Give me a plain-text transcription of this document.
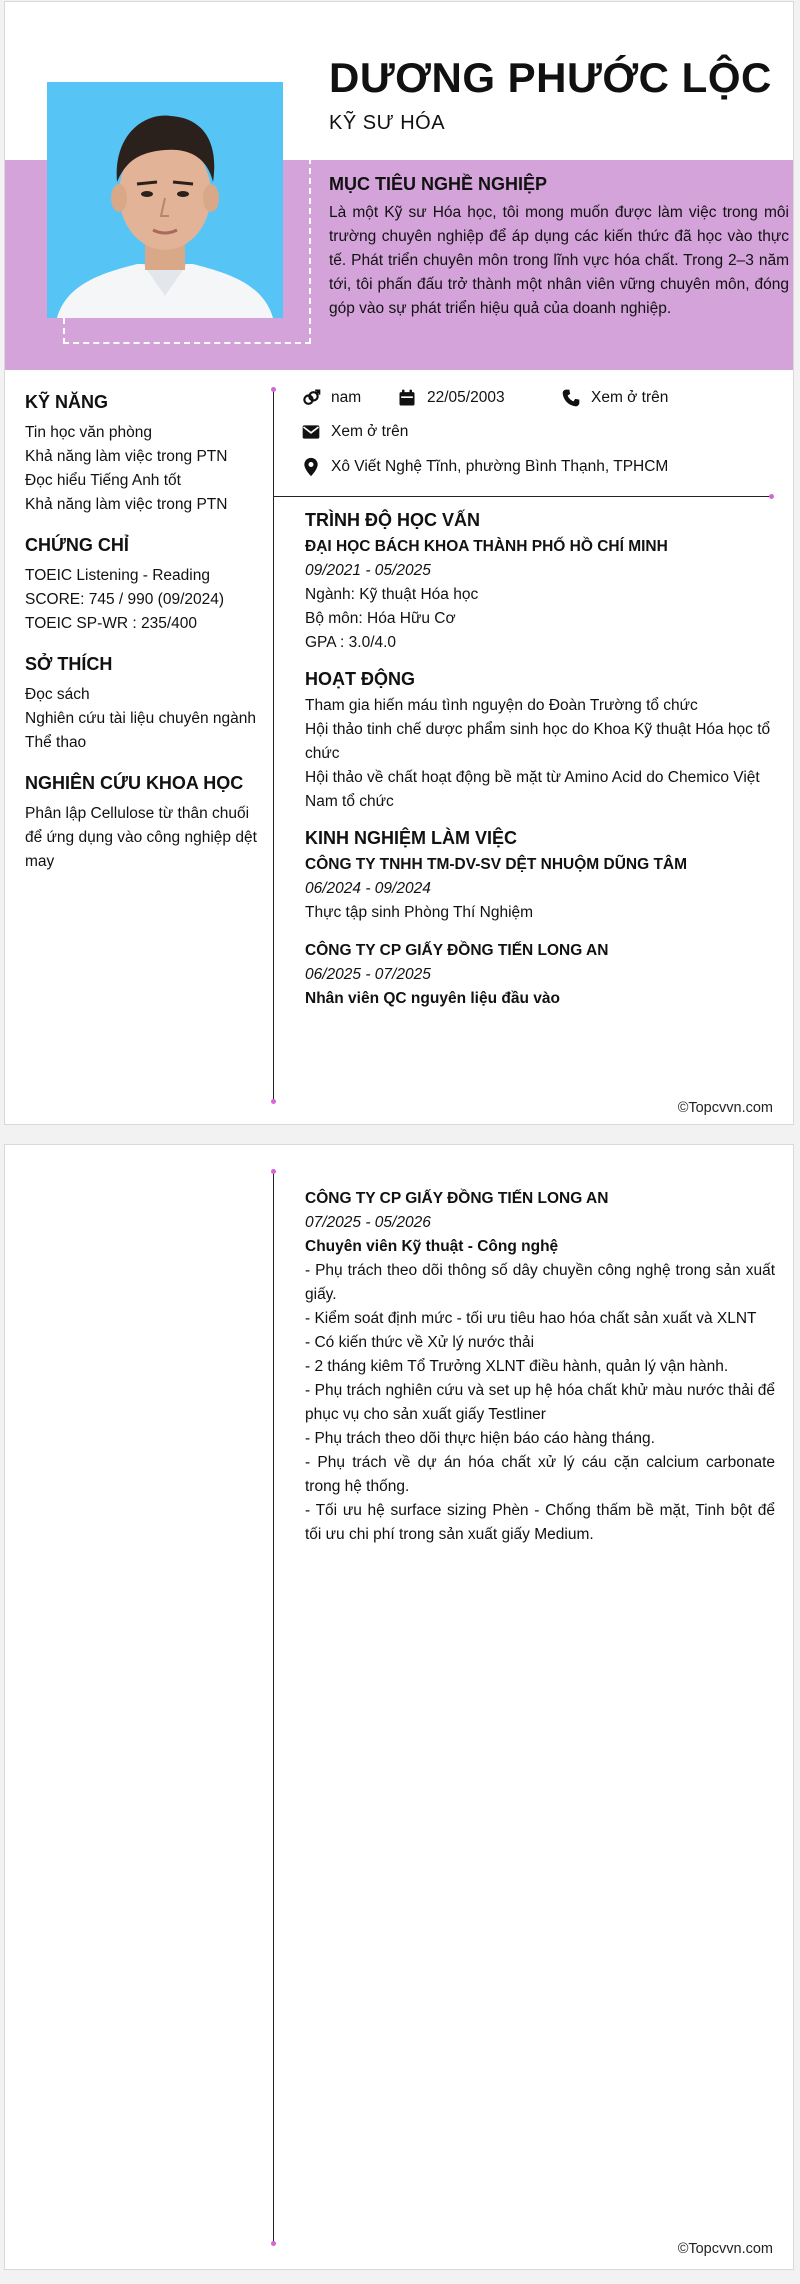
DƯƠNG PHƯỚC LỘC

KỸ SƯ HÓA

MỤC TIÊU NGHỀ NGHIỆP

Là một Kỹ sư Hóa học, tôi mong muốn được làm việc trong môi trường chuyên nghiệp để áp dụng các kiến thức đã học vào thực tế. Phát triển chuyên môn trong lĩnh vực hóa chất. Trong 2–3 năm tới, tôi phấn đấu trở thành một nhân viên vững chuyên môn, đóng góp vào sự phát triển hiệu quả của doanh nghiệp.

KỸ NĂNG

Tin học văn phòng

Khả năng làm việc trong PTN

Đọc hiểu Tiếng Anh tốt

Khả năng làm việc trong PTN

CHỨNG CHỈ

TOEIC Listening - Reading

SCORE: 745 / 990 (09/2024)

TOEIC SP-WR : 235/400

SỞ THÍCH

Đọc sách

Nghiên cứu tài liệu chuyên ngành

Thể thao

NGHIÊN CỨU KHOA HỌC

Phân lập Cellulose từ thân chuối để ứng dụng vào công nghiệp dệt may

nam	22/05/2003	Xem ở trên
Xem ở trên
Xô Viết Nghệ Tĩnh, phường Bình Thạnh, TPHCM
TRÌNH ĐỘ HỌC VẤN

ĐẠI HỌC BÁCH KHOA THÀNH PHỐ HỒ CHÍ MINH

09/2021 - 05/2025

Ngành: Kỹ thuật Hóa học

Bộ môn: Hóa Hữu Cơ

GPA : 3.0/4.0

HOẠT ĐỘNG

Tham gia hiến máu tình nguyện do Đoàn Trường tổ chức

Hội thảo tinh chế dược phẩm sinh học do Khoa Kỹ thuật Hóa học tổ chức

Hội thảo về chất hoạt động bề mặt từ Amino Acid do Chemico Việt Nam tổ chức

KINH NGHIỆM LÀM VIỆC

CÔNG TY TNHH TM-DV-SV DỆT NHUỘM DŨNG TÂM

06/2024 - 09/2024

Thực tập sinh Phòng Thí Nghiệm

CÔNG TY CP GIẤY ĐỒNG TIẾN LONG AN

06/2025 - 07/2025

Nhân viên QC nguyên liệu đầu vào

©Topcvvn.com

CÔNG TY CP GIẤY ĐỒNG TIẾN LONG AN

07/2025 - 05/2026

Chuyên viên Kỹ thuật - Công nghệ

- Phụ trách theo dõi thông số dây chuyền công nghệ trong sản xuất giấy.

- Kiểm soát định mức - tối ưu tiêu hao hóa chất sản xuất và XLNT

- Có kiến thức về Xử lý nước thải

- 2 tháng kiêm Tổ Trưởng XLNT điều hành, quản lý vận hành.

- Phụ trách nghiên cứu và set up hệ hóa chất khử màu nước thải để phục vụ cho sản xuất giấy Testliner

- Phụ trách theo dõi thực hiện báo cáo hàng tháng.

- Phụ trách về dự án hóa chất xử lý cáu cặn calcium carbonate trong hệ thống.

- Tối ưu hệ surface sizing Phèn - Chống thấm bề mặt, Tinh bột để tối ưu chi phí trong sản xuất giấy Medium.

©Topcvvn.com
